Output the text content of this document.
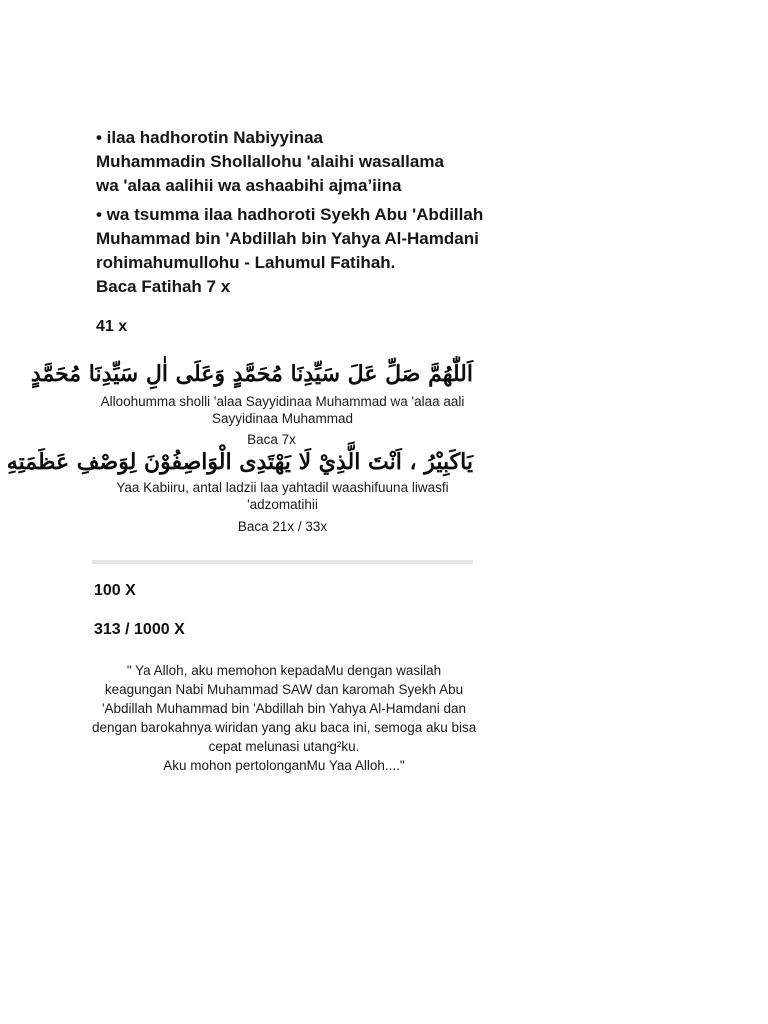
• ilaa hadhorotin Nabiyyinaa
Muhammadin Shollallohu 'alaihi wasallama
wa 'alaa aalihii wa ashaabihi ajma’iina
• wa tsumma ilaa hadhoroti Syekh Abu 'Abdillah
Muhammad bin 'Abdillah bin Yahya Al-Hamdani
rohimahumullohu - Lahumul Fatihah.
Baca Fatihah 7 x
41 x
اَللّٰهُمَّ صَلِّ عَلَ سَيِّدِنَا مُحَمَّدٍ وَعَلَى اٰلِ سَيِّدِنَا مُحَمَّدٍ
Alloohumma sholli 'alaa Sayyidinaa Muhammad wa 'alaa aali
Sayyidinaa Muhammad
Baca 7x
يَاكَبِيْرُ ، اَنْتَ الَّذِيْ لَا يَهْتَدِى الْوَاصِفُوْنَ لِوَصْفِ عَظَمَتِهِ
Yaa Kabiiru, antal ladzii laa yahtadil waashifuuna liwasfi
'adzomatihii
Baca 21x / 33x
100 X
313 / 1000 X
" Ya Alloh, aku memohon kepadaMu dengan wasilah
keagungan Nabi Muhammad SAW dan karomah Syekh Abu
'Abdillah Muhammad bin 'Abdillah bin Yahya Al-Hamdani dan
dengan barokahnya wiridan yang aku baca ini, semoga aku bisa
cepat melunasi utang²ku.
Aku mohon pertolonganMu Yaa Alloh...."
